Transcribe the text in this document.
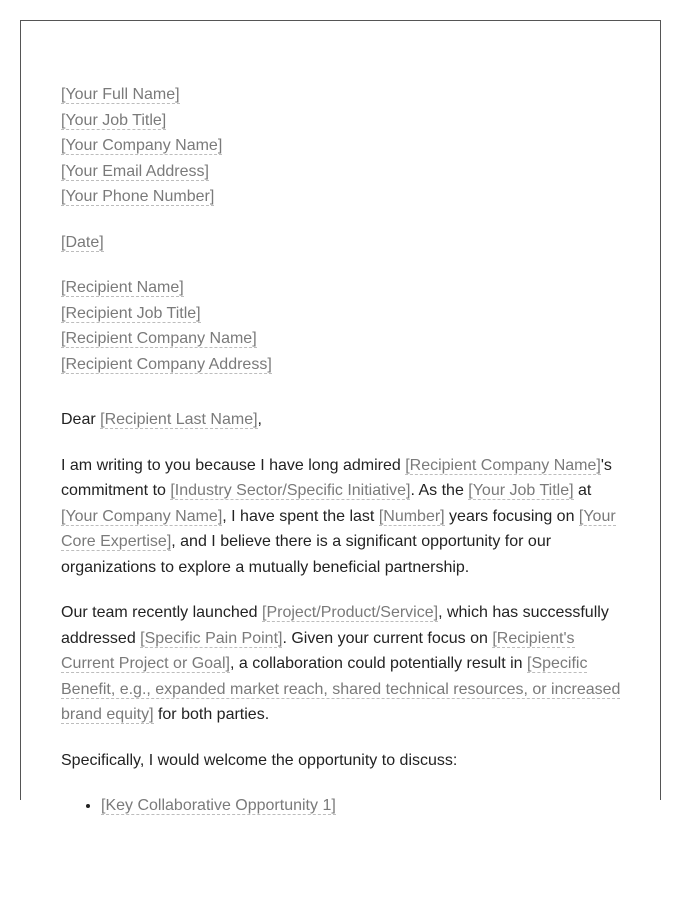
[Your Full Name]
[Your Job Title]
[Your Company Name]
[Your Email Address]
[Your Phone Number]
[Date]
[Recipient Name]
[Recipient Job Title]
[Recipient Company Name]
[Recipient Company Address]

Dear [Recipient Last Name],

I am writing to you because I have long admired [Recipient Company Name]'s commitment to [Industry Sector/Specific Initiative]. As the [Your Job Title] at [Your Company Name], I have spent the last [Number] years focusing on [Your Core Expertise], and I believe there is a significant opportunity for our organizations to explore a mutually beneficial partnership.

Our team recently launched [Project/Product/Service], which has successfully addressed [Specific Pain Point]. Given your current focus on [Recipient's Current Project or Goal], a collaboration could potentially result in [Specific Benefit, e.g., expanded market reach, shared technical resources, or increased brand equity] for both parties.

Specifically, I would welcome the opportunity to discuss:

• [Key Collaborative Opportunity 1]
